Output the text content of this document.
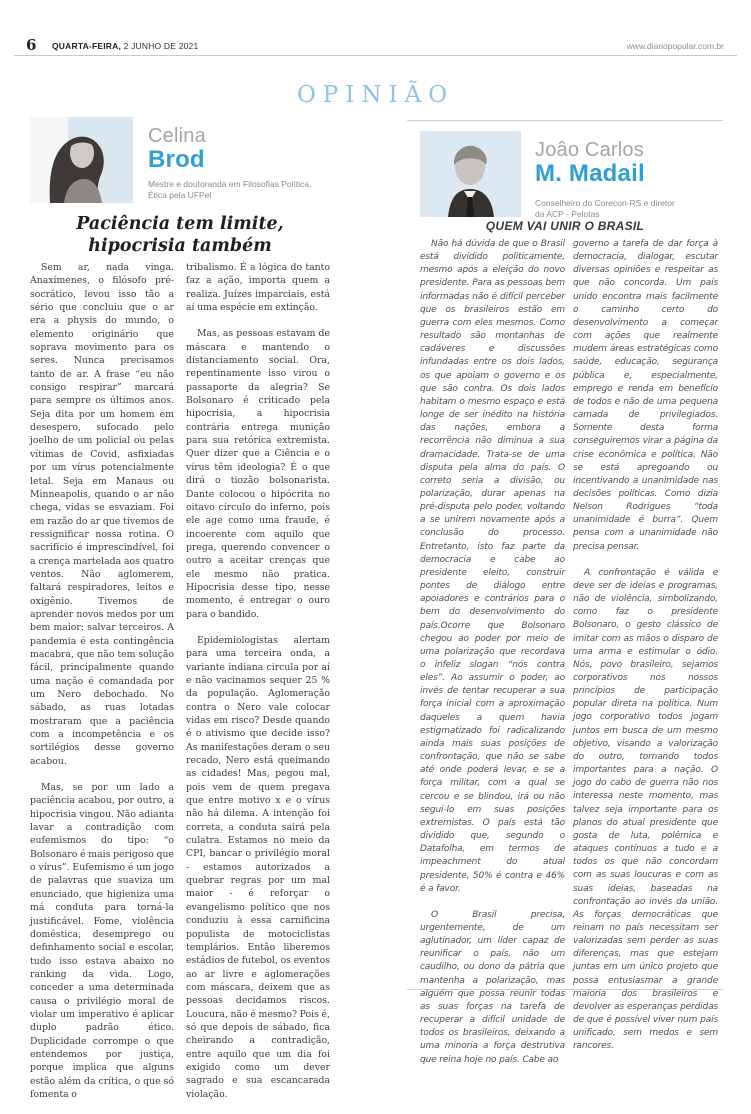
6 QUARTA-FEIRA, 2 JUNHO DE 2021	www.diariopopular.com.br
OPINIÃO
Celina
Brod
Mestre e doutoranda em Filosofias Política,
Ética pela UFPel
Paciência tem limite,
hipocrisia também

Sem ar, nada vinga. Anaxímenes, o filósofo pré-socrático, levou isso tão a sério que concluiu que o ar era a physis do mundo, o elemento originário que soprava movimento para os seres. Nunca precisamos tanto de ar. A frase “eu não consigo respirar” marcará para sempre os últimos anos. Seja dita por um homem em desespero, sufocado pelo joelho de um policial ou pelas vítimas de Covid, asfixiadas por um vírus potencialmente letal. Seja em Manaus ou Minneapolis, quando o ar não chega, vidas se esvaziam. Foi em razão do ar que tivemos de ressignificar nossa rotina. O sacrifício é imprescindível, foi a crença martelada aos quatro ventos. Não aglomerem, faltará respiradores, leitos e oxigênio. Tivemos de aprender novos medos por um bem maior: salvar terceiros. A pandemia é esta contingência macabra, que não tem solução fácil, principalmente quando uma nação é comandada por um Nero debochado. No sábado, as ruas lotadas mostraram que a paciência com a incompetência e os sortilégios desse governo acabou.

Mas, se por um lado a paciência acabou, por outro, a hipocrisia vingou. Não adianta lavar a contradição com eufemismos do tipo: “o Bolsonaro é mais perigoso que o vírus”. Eufemismo é um jogo de palavras que suaviza um enunciado, que higieniza uma má conduta para torná-la justificável. Fome, violência doméstica, desemprego ou definhamento social e escolar, tudo isso estava abaixo no ranking da vida. Logo, conceder a uma determinada causa o privilégio moral de violar um imperativo é aplicar duplo padrão ético. Duplicidade corrompe o que entendemos por justiça, porque implica que alguns estão além da crítica, o que só fomenta o

tribalismo. É a lógica do tanto faz a ação, importa quem a realiza. Juízes imparciais, está aí uma espécie em extinção.

Mas, as pessoas estavam de máscara e mantendo o distanciamento social. Ora, repentinamente isso virou o passaporte da alegria? Se Bolsonaro é criticado pela hipocrisia, a hipocrisia contrária entrega munição para sua retórica extremista. Quer dizer que a Ciência e o vírus têm ideologia? É o que dirá o tiozão bolsonarista. Dante colocou o hipócrita no oitavo círculo do inferno, pois ele age como uma fraude, é incoerente com aquilo que prega, querendo convencer o outro a aceitar crenças que ele mesmo não pratica. Hipocrisia desse tipo, nesse momento, é entregar o ouro para o bandido.

Epidemiologistas alertam para uma terceira onda, a variante indiana circula por aí e não vacinamos sequer 25 % da população. Aglomeração contra o Nero vale colocar vidas em risco? Desde quando é o ativismo que decide isso? As manifestações deram o seu recado, Nero está queimando as cidades! Mas, pegou mal, pois vem de quem pregava que entre motivo x e o vírus não há dilema. A intenção foi correta, a conduta sairá pela culatra. Estamos no meio da CPI, bancar o privilégio moral - estamos autorizados a quebrar regras por um mal maior - é reforçar o evangelismo político que nos conduziu à essa carnificina populista de motociclistas templários. Então liberemos estádios de futebol, os eventos ao ar livre e aglomerações com máscara, deixem que as pessoas decidamos riscos. Loucura, não é mesmo? Pois é, só que depois de sábado, fica cheirando a contradição, entre aquilo que um dia foi exigido como um dever sagrado e sua escancarada violação.

Joâo Carlos
M. Madail
Conselheiro do Corecon-RS e diretor
da ACP - Pelotas
QUEM VAI UNIR O BRASIL

Não há dúvida de que o Brasil está dividido politicamente, mesmo após a eleição do novo presidente. Para as pessoas bem informadas não é difícil perceber que os brasileiros estão em guerra com eles mesmos. Como resultado são montanhas de cadáveres e discussões infundadas entre os dois lados, os que apoiam o governo e os que são contra. Os dois lados habitam o mesmo espaço e está longe de ser inédito na história das nações, embora a recorrência não diminua a sua dramacidade. Trata-se de uma disputa pela alma do país. O correto seria a divisão, ou polarização, durar apenas na pré-disputa pelo poder, voltando a se unirem novamente após a conclusão do processo. Entretanto, isto faz parte da democracia e cabe ao presidente eleito, construir pontes de diálogo entre apoiadores e contrários para o bem do desenvolvimento do país.Ocorre que Bolsonaro chegou ao poder por meio de uma polarização que recordava o infeliz slogan “nós contra eles”. Ao assumir o poder, ao invés de tentar recuperar a sua força inicial com a aproximação daqueles a quem havia estigmatizado foi radicalizando ainda mais suas posições de confrontação, que não se sabe até onde poderá levar, e se a força militar, com a qual se cercou e se blindou, irá ou não segui-lo em suas posições extremistas. O país está tão dividido que, segundo o Datafolha, em termos de impeachment do atual presidente, 50% é contra e 46% é a favor.

O Brasil precisa, urgentemente, de um aglutinador, um líder capaz de reunificar o país, não um caudilho, ou dono da pátria que mantenha a polarização, mas alguém que possa reunir todas as suas forças na tarefa de recuperar a difícil unidade de todos os brasileiros, deixando a uma minoria a força destrutiva que reina hoje no país. Cabe ao

governo a tarefa de dar força à democracia, dialogar, escutar diversas opiniões e respeitar as que não concorda. Um país unido encontra mais facilmente o caminho certo do desenvolvimento a começar com ações que realmente mudem áreas estratégicas como saúde, educação, segurança pública e, especialmente, emprego e renda em benefício de todos e não de uma pequena camada de privilegiados. Somente desta forma conseguiremos virar a página da crise econômica e política. Não se está apregoando ou incentivando a unanimidade nas decisões políticas. Como dizia Nelson Rodrigues “toda unanimidade é burra”. Quem pensa com a unanimidade não precisa pensar.

A confrontação é válida e deve ser de ideias e programas, não de violência, simbolizando, como faz o presidente Bolsonaro, o gesto clássico de imitar com as mãos o disparo de uma arma e estimular o ódio. Nós, povo brasileiro, sejamos corporativos nos nossos princípios de participação popular direta na política. Num jogo corporativo todos jogam juntos em busca de um mesmo objetivo, visando a valorização do outro, tornando todos importantes para a nação. O jogo do cabo de guerra não nos interessa neste momento, mas talvez seja importante para os planos do atual presidente que gosta de luta, polêmica e ataques contínuos a tudo e a todos os que não concordam com as suas loucuras e com as suas ideias, baseadas na confrontação ao invés da união. As forças democráticas que reinam no país necessitam ser valorizadas sem perder as suas diferenças, mas que estejam juntas em um único projeto que possa entusiasmar a grande maioria dos brasileiros e devolver as esperanças perdidas de que é possível viver num país unificado, sem medos e sem rancores.
